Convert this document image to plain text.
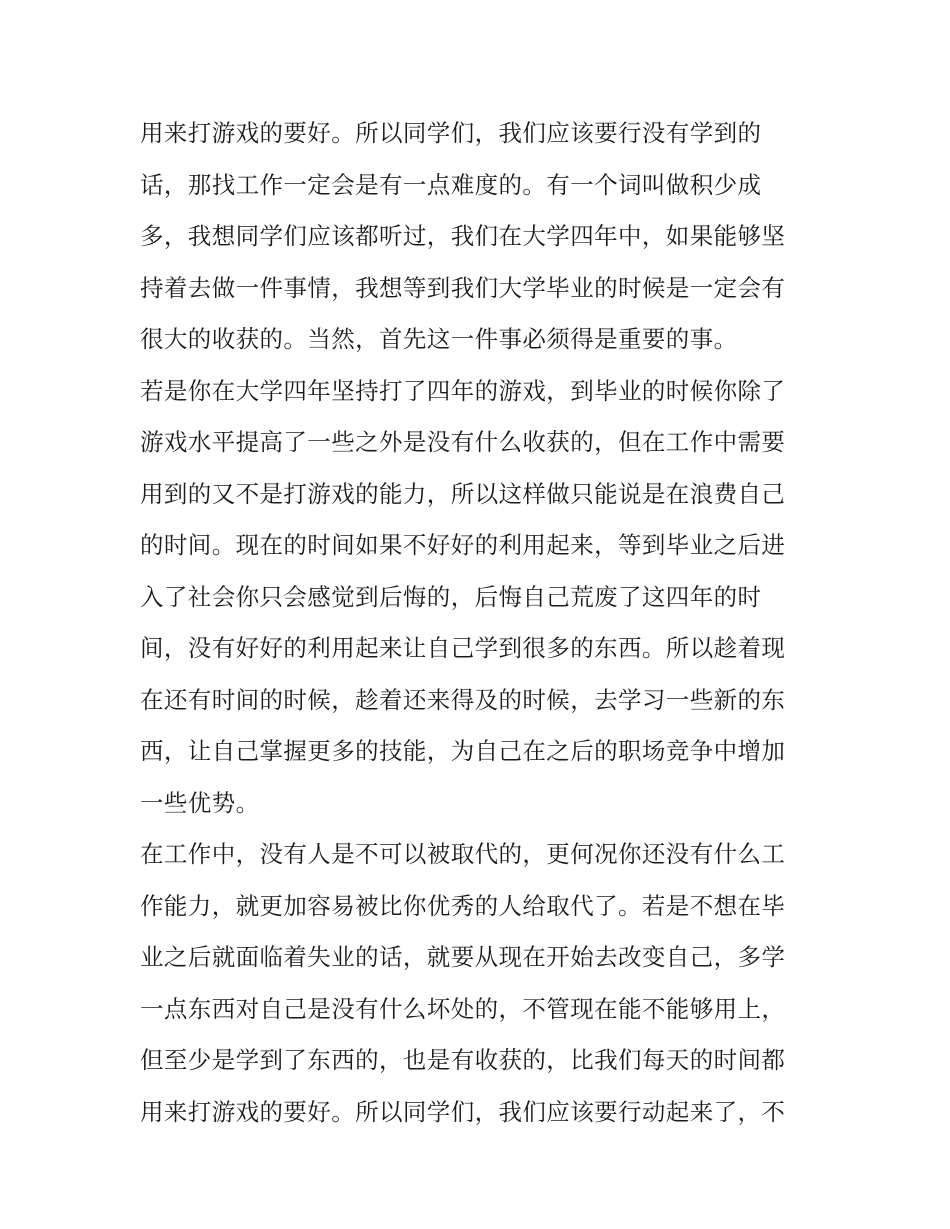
用来打游戏的要好。所以同学们，我们应该要行没有学到的
话，那找工作一定会是有一点难度的。有一个词叫做积少成
多，我想同学们应该都听过，我们在大学四年中，如果能够坚
持着去做一件事情，我想等到我们大学毕业的时候是一定会有
很大的收获的。当然，首先这一件事必须得是重要的事。
若是你在大学四年坚持打了四年的游戏，到毕业的时候你除了
游戏水平提高了一些之外是没有什么收获的，但在工作中需要
用到的又不是打游戏的能力，所以这样做只能说是在浪费自己
的时间。现在的时间如果不好好的利用起来，等到毕业之后进
入了社会你只会感觉到后悔的，后悔自己荒废了这四年的时
间，没有好好的利用起来让自己学到很多的东西。所以趁着现
在还有时间的时候，趁着还来得及的时候，去学习一些新的东
西，让自己掌握更多的技能，为自己在之后的职场竞争中增加
一些优势。
在工作中，没有人是不可以被取代的，更何况你还没有什么工
作能力，就更加容易被比你优秀的人给取代了。若是不想在毕
业之后就面临着失业的话，就要从现在开始去改变自己，多学
一点东西对自己是没有什么坏处的，不管现在能不能够用上，
但至少是学到了东西的，也是有收获的，比我们每天的时间都
用来打游戏的要好。所以同学们，我们应该要行动起来了，不
